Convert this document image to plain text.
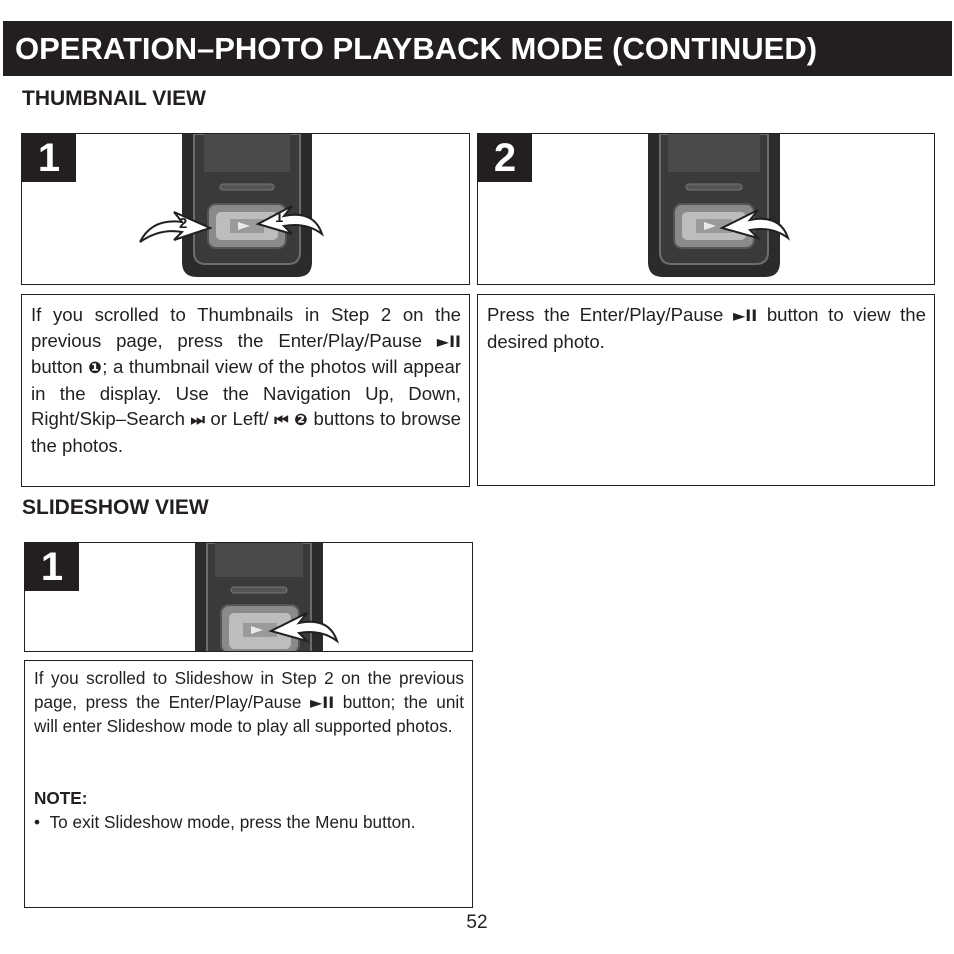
OPERATION–PHOTO PLAYBACK MODE (CONTINUED)
THUMBNAIL VIEW
1
2	1
2
If you scrolled to Thumbnails in Step 2 on the previous page, press the Enter/Play/Pause ►II button ❶; a thumbnail view of the photos will appear in the display. Use the Navigation Up, Down, Right/Skip–Search ⏭ or Left/ ⏮ ❷ buttons to browse the photos.
Press the Enter/Play/Pause ►II button to view the desired photo.
SLIDESHOW VIEW
1
If you scrolled to Slideshow in Step 2 on the previous page, press the Enter/Play/Pause ►II button; the unit will enter Slideshow mode to play all supported photos.
NOTE:
• To exit Slideshow mode, press the Menu button.
52
